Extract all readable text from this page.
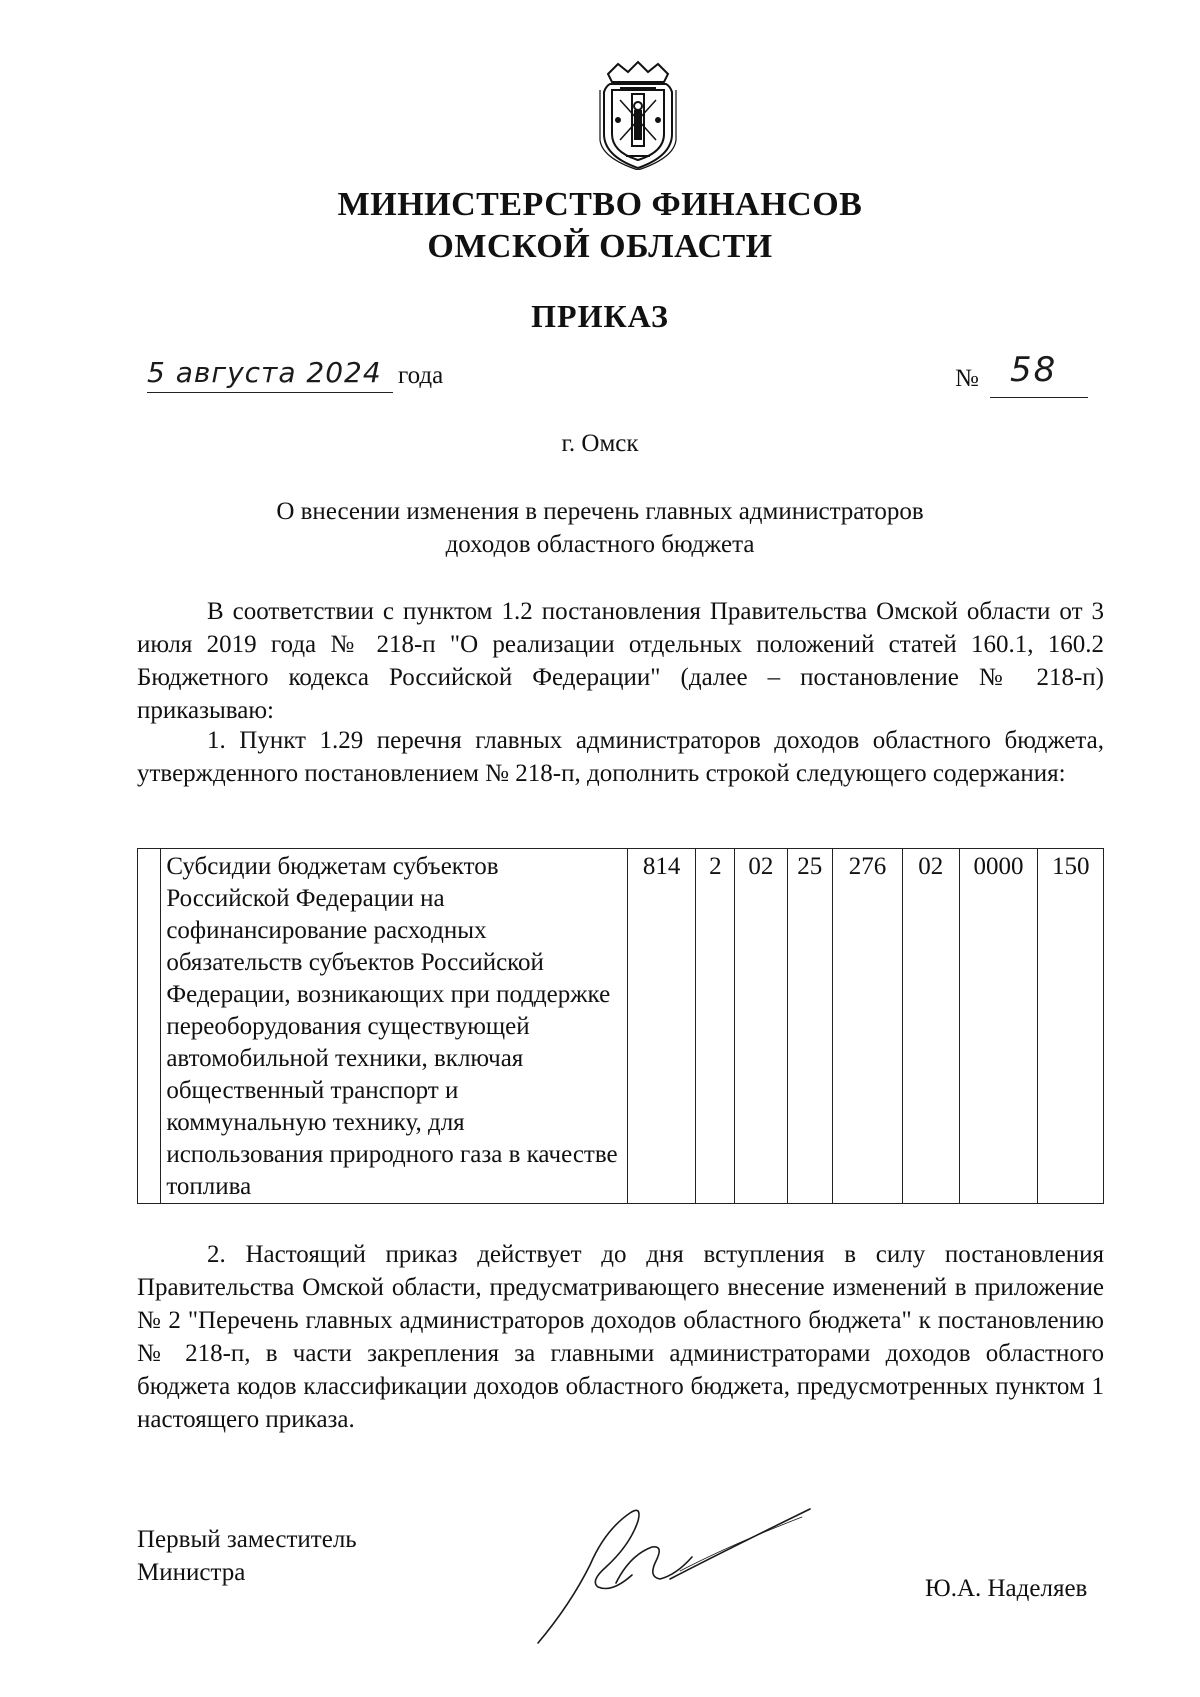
МИНИСТЕРСТВО ФИНАНСОВ
ОМСКОЙ ОБЛАСТИ
ПРИКАЗ
5 августа 2024 года	№ 58
г. Омск
О внесении изменения в перечень главных администраторов
доходов областного бюджета

В соответствии с пунктом 1.2 постановления Правительства Омской области от 3 июля 2019 года № 218-п "О реализации отдельных положений статей 160.1, 160.2 Бюджетного кодекса Российской Федерации" (далее – постановление № 218-п) приказываю:

1. Пункт 1.29 перечня главных администраторов доходов областного бюджета, утвержденного постановлением № 218-п, дополнить строкой следующего содержания:

	Субсидии бюджетам субъектов Российской Федерации на софинансирование расходных обязательств субъектов Российской Федерации, возникающих при поддержке переоборудования существующей автомобильной техники, включая общественный транспорт и коммунальную технику, для использования природного газа в качестве топлива	814	2	02	25	276	02	0000	150

2. Настоящий приказ действует до дня вступления в силу постановления Правительства Омской области, предусматривающего внесение изменений в приложение № 2 "Перечень главных администраторов доходов областного бюджета" к постановлению № 218-п, в части закрепления за главными администраторами доходов областного бюджета кодов классификации доходов областного бюджета, предусмотренных пунктом 1 настоящего приказа.

Первый заместитель
Министра
Ю.А. Наделяев
